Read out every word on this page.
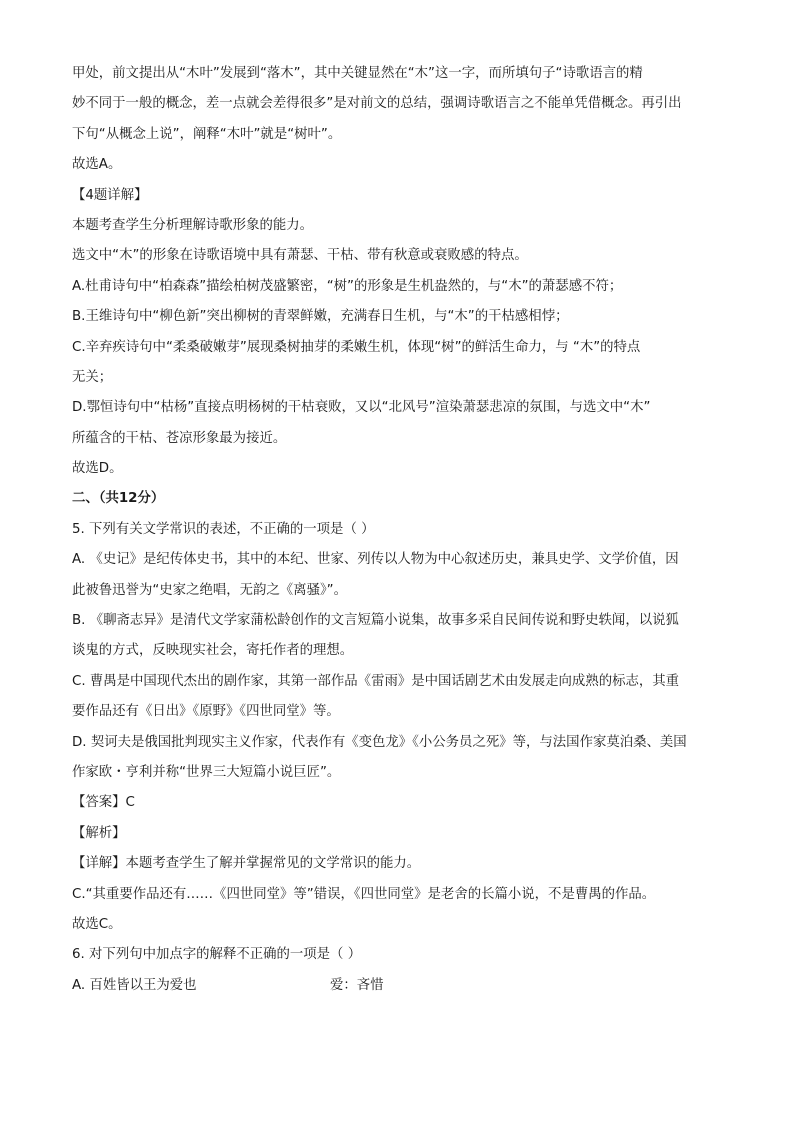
甲处，前文提出从“木叶”发展到“落木”，其中关键显然在“木”这一字，而所填句子“诗歌语言的精
妙不同于一般的概念，差一点就会差得很多”是对前文的总结，强调诗歌语言之不能单凭借概念。再引出
下句“从概念上说”，阐释“木叶”就是“树叶”。
故选A。
【4题详解】
本题考查学生分析理解诗歌形象的能力。
选文中“木”的形象在诗歌语境中具有萧瑟、干枯、带有秋意或衰败感的特点。
A.杜甫诗句中“柏森森”描绘柏树茂盛繁密，“树”的形象是生机盎然的，与“木”的萧瑟感不符；
B.王维诗句中“柳色新”突出柳树的青翠鲜嫩，充满春日生机，与“木”的干枯感相悖；
C.辛弃疾诗句中“柔桑破嫩芽”展现桑树抽芽的柔嫩生机，体现“树”的鲜活生命力，与 “木”的特点
无关；
D.鄂恒诗句中“枯杨”直接点明杨树的干枯衰败，又以“北风号”渲染萧瑟悲凉的氛围，与选文中“木”
所蕴含的干枯、苍凉形象最为接近。
故选D。
二、（共12分）
5. 下列有关文学常识的表述，不正确的一项是（ ）
A. 《史记》是纪传体史书，其中的本纪、世家、列传以人物为中心叙述历史，兼具史学、文学价值，因
此被鲁迅誉为“史家之绝唱，无韵之《离骚》”。
B. 《聊斋志异》是清代文学家蒲松龄创作的文言短篇小说集，故事多采自民间传说和野史轶闻，以说狐
谈鬼的方式，反映现实社会，寄托作者的理想。
C. 曹禺是中国现代杰出的剧作家，其第一部作品《雷雨》是中国话剧艺术由发展走向成熟的标志，其重
要作品还有《日出》《原野》《四世同堂》等。
D. 契诃夫是俄国批判现实主义作家，代表作有《变色龙》《小公务员之死》等，与法国作家莫泊桑、美国
作家欧・亨利并称“世界三大短篇小说巨匠”。
【答案】C
【解析】
【详解】本题考查学生了解并掌握常见的文学常识的能力。
C.“其重要作品还有……《四世同堂》等”错误，《四世同堂》是老舍的长篇小说，不是曹禺的作品。
故选C。
6. 对下列句中加点字的解释不正确的一项是（ ）
A. 百姓皆以王为爱也	爱：吝惜
